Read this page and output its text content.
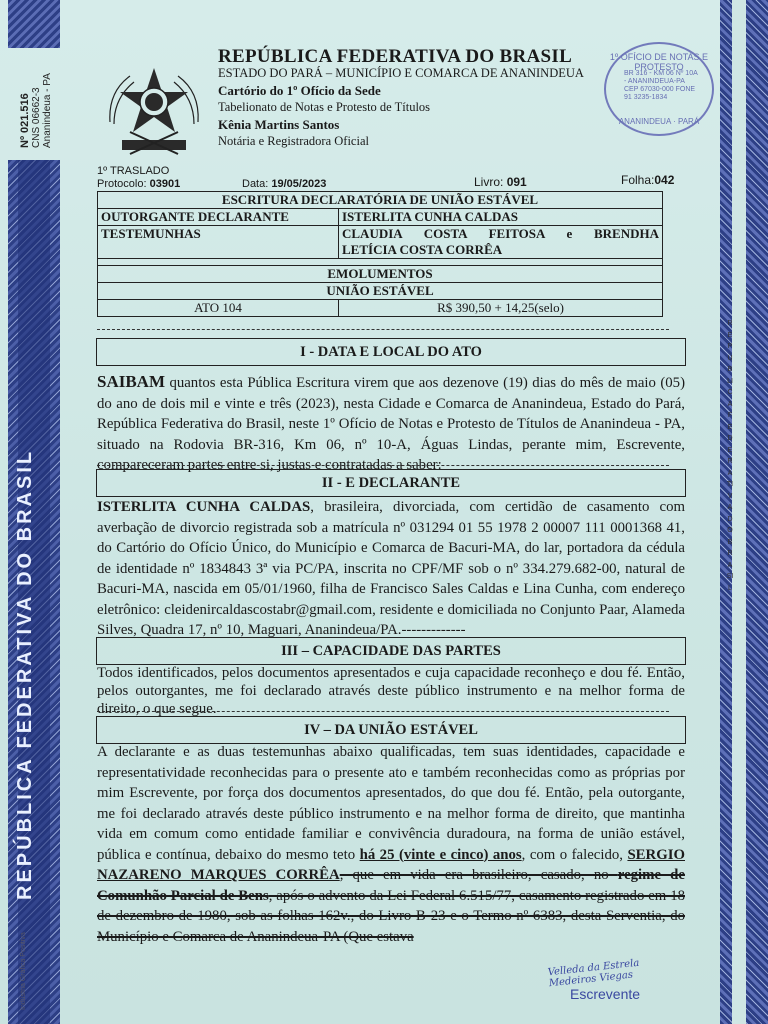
REPÚBLICA FEDERATIVA DO BRASIL
Nº 021.516
CNS 06662-3
Ananindeua - PA
Indústria Gráfica Positiva
REPÚBLICA FEDERATIVA DO BRASIL
REPÚBLICA FEDERATIVA DO BRASIL
ESTADO DO PARÁ – MUNICÍPIO E COMARCA DE ANANINDEUA
Cartório do 1º Ofício da Sede
Tabelionato de Notas e Protesto de Títulos
Kênia Martins Santos
Notária e Registradora Oficial
1º OFÍCIO DE NOTAS E PROTESTO
BR 316 - KM 06 Nº 10A - ANANINDEUA-PA CEP 67030-000 FONE 91 3235-1834
ANANINDEUA · PARÁ
1º TRASLADO
Protocolo: 03901	Data: 19/05/2023	Livro: 091	Folha:042
ESCRITURA DECLARATÓRIA DE UNIÃO ESTÁVEL	
OUTORGANTE DECLARANTE	ISTERLITA CUNHA CALDAS
TESTEMUNHAS	CLAUDIA COSTA FEITOSA e BRENDHA
LETÍCIA COSTA CORRÊA

EMOLUMENTOS	
UNIÃO ESTÁVEL	
ATO 104	R$ 390,50 + 14,25(selo)
I - DATA E LOCAL DO ATO
SAIBAM quantos esta Pública Escritura virem que aos dezenove (19) dias do mês de maio (05) do ano de dois mil e vinte e três (2023), nesta Cidade e Comarca de Ananindeua, Estado do Pará, República Federativa do Brasil, neste 1º Ofício de Notas e Protesto de Títulos de Ananindeua - PA, situado na Rodovia BR-316, Km 06, nº 10-A, Águas Lindas, perante mim, Escrevente, compareceram partes entre si, justas e contratadas a saber:
II - E DECLARANTE
ISTERLITA CUNHA CALDAS, brasileira, divorciada, com certidão de casamento com averbação de divorcio registrada sob a matrícula nº 031294 01 55 1978 2 00007 111 0001368 41, do Cartório do Ofício Único, do Município e Comarca de Bacuri-MA, do lar, portadora da cédula de identidade nº 1834843 3ª via PC/PA, inscrita no CPF/MF sob o nº 334.279.682-00, natural de Bacuri-MA, nascida em 05/01/1960, filha de Francisco Sales Caldas e Lina Cunha, com endereço eletrônico: cleidenircaldascostabr@gmail.com, residente e domiciliada no Conjunto Paar, Alameda Silves, Quadra 17, nº 10, Maguari, Ananindeua/PA.-------------
III – CAPACIDADE DAS PARTES
Todos identificados, pelos documentos apresentados e cuja capacidade reconheço e dou fé. Então, pelos outorgantes, me foi declarado através deste público instrumento e na melhor forma de direito, o que segue.
IV – DA UNIÃO ESTÁVEL
A declarante e as duas testemunhas abaixo qualificadas, tem suas identidades, capacidade e representatividade reconhecidas para o presente ato e também reconhecidas como as próprias por mim Escrevente, por força dos documentos apresentados, do que dou fé. Então, pela outorgante, me foi declarado através deste público instrumento e na melhor forma de direito, que mantinha vida em comum como entidade familiar e convivência duradoura, na forma de união estável, pública e contínua, debaixo do mesmo teto há 25 (vinte e cinco) anos, com o falecido, SERGIO NAZARENO MARQUES CORRÊA, que em vida era brasileiro, casado, no regime de Comunhão Parcial de Bens, após o advento da Lei Federal 6.515/77, casamento registrado em 18 de dezembro de 1980, sob as folhas 162v., do Livro B-23 e o Termo nº 6383, desta Serventia, do Município e Comarca de Ananindeua-PA (Que estava
Velleda da Estrela Medeiros Viegas
Escrevente
